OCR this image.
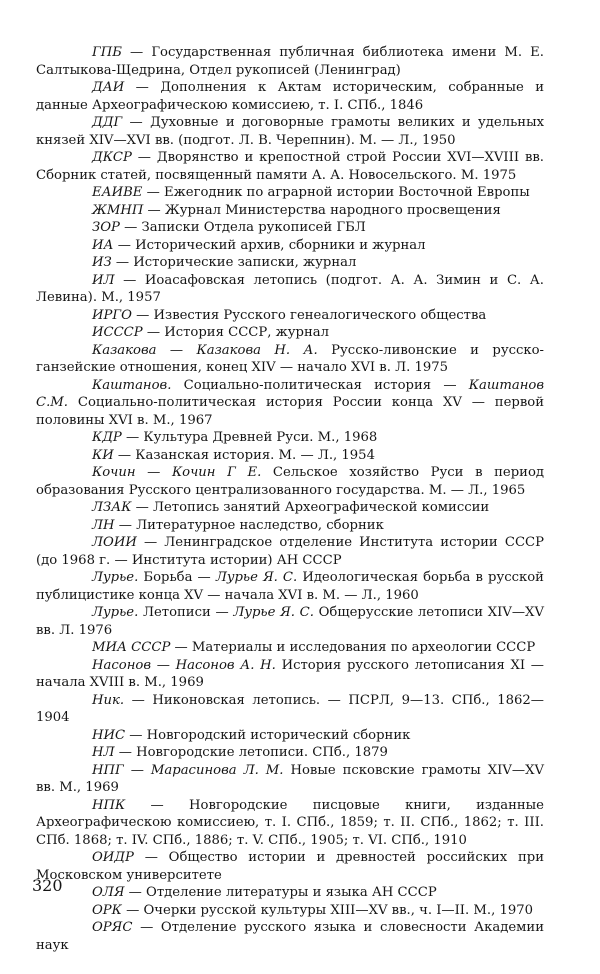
ГПБ — Государственная публичная библиотека имени М. Е. Салтыкова-Щедрина, Отдел рукописей (Ленинград)

ДАИ — Дополнения к Актам историческим, собранные и данные Археографическою комиссиею, т. I. СПб., 1846

ДДГ — Духовные и договорные грамоты великих и удельных князей XIV—XVI вв. (подгот. Л. В. Черепнин). М. — Л., 1950

ДКСР — Дворянство и крепостной строй России XVI—XVIII вв. Сборник статей, посвященный памяти А. А. Новосельского. М. 1975

ЕАИВЕ — Ежегодник по аграрной истории Восточной Европы

ЖМНП — Журнал Министерства народного просвещения

ЗОР — Записки Отдела рукописей ГБЛ

ИА — Исторический архив, сборники и журнал

ИЗ — Исторические записки, журнал

ИЛ — Иоасафовская летопись (подгот. А. А. Зимин и С. А. Левина). М., 1957

ИРГО — Известия Русского генеалогического общества

ИССCР — История СССР, журнал

Казакова — Казакова Н. А. Русско-ливонские и русско-ганзейские отношения, конец XIV — начало XVI в. Л. 1975

Каштанов. Социально-политическая история — Каштанов С.М. Социально-политическая история России конца XV — первой половины XVI в. М., 1967

КДР — Культура Древней Руси. М., 1968

КИ — Казанская история. М. — Л., 1954

Кочин — Кочин Г Е. Сельское хозяйство Руси в период образования Русского централизованного государства. М. — Л., 1965

ЛЗАК — Летопись занятий Археографической комиссии

ЛН — Литературное наследство, сборник

ЛОИИ — Ленинградское отделение Института истории СССР (до 1968 г. — Института истории) АН СССР

Лурье. Борьба — Лурье Я. С. Идеологическая борьба в русской публицистике конца XV — начала XVI в. М. — Л., 1960

Лурье. Летописи — Лурье Я. С. Общерусские летописи XIV—XV вв. Л. 1976

МИА СССР — Материалы и исследования по археологии СССР

Насонов — Насонов А. Н. История русского летописания XI — начала XVIII в. М., 1969

Ник. — Никоновская летопись. — ПСРЛ, 9—13. СПб., 1862—1904

НИС — Новгородский исторический сборник

НЛ — Новгородские летописи. СПб., 1879

НПГ — Марасинова Л. М. Новые псковские грамоты XIV—XV вв. М., 1969

НПК — Новгородские писцовые книги, изданные Археографическою комиссиею, т. I. СПб., 1859; т. II. СПб., 1862; т. III. СПб. 1868; т. IV. СПб., 1886; т. V. СПб., 1905; т. VI. СПб., 1910

ОИДР — Общество истории и древностей российских при Московском университете

ОЛЯ — Отделение литературы и языка АН СССР

ОРК — Очерки русской культуры XIII—XV вв., ч. I—II. М., 1970

ОРЯС — Отделение русского языка и словесности Академии наук

320
